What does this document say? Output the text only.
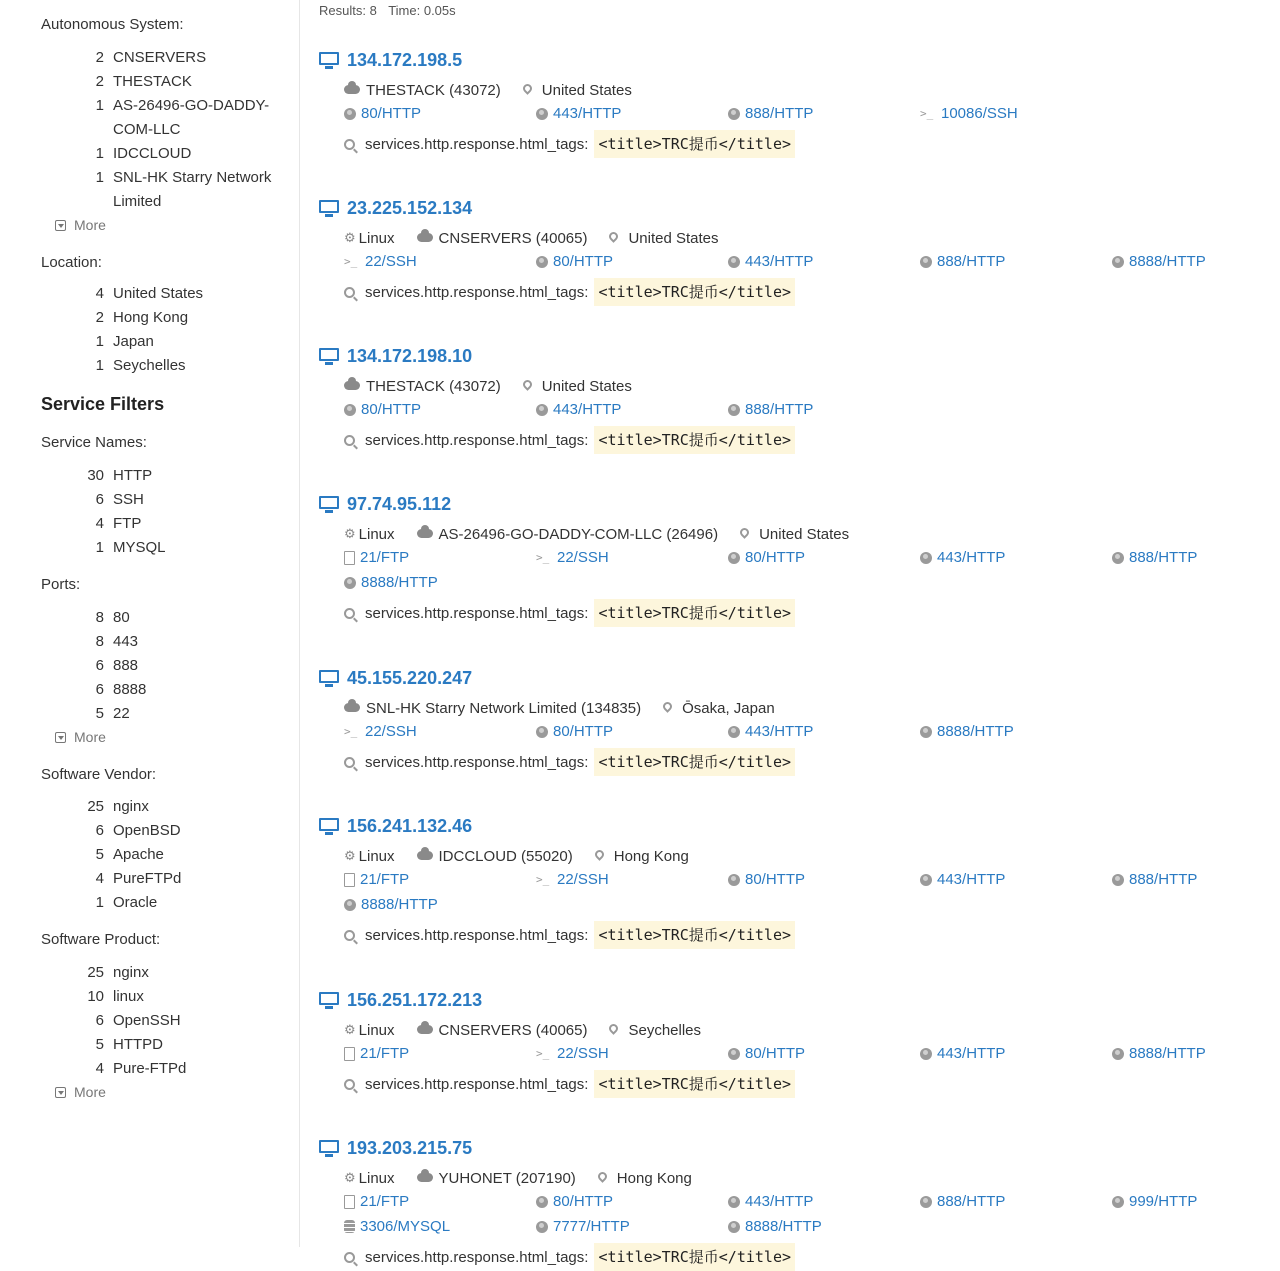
Autonomous System:
2 CNSERVERS
2 THESTACK
1 AS-26496-GO-DADDY-
COM-LLC
1 IDCCLOUD
1 SNL-HK Starry Network
Limited
More
Location:
4 United States
2 Hong Kong
1 Japan
1 Seychelles
Service Filters
Service Names:
30 HTTP
6 SSH
4 FTP
1 MYSQL
Ports:
8 80
8 443
6 888
6 8888
5 22
More
Software Vendor:
25 nginx
6 OpenBSD
5 Apache
4 PureFTPd
1 Oracle
Software Product:
25 nginx
10 linux
6 OpenSSH
5 HTTPD
4 Pure-FTPd
More
Results: 8 Time: 0.05s
134.172.198.5
THESTACK (43072)	United States
80/HTTP	443/HTTP	888/HTTP	>_ 10086/SSH
services.http.response.html_tags: <title>TRC提币</title>
23.225.152.134
⚙ Linux	CNSERVERS (40065)	United States
>_ 22/SSH	80/HTTP	443/HTTP	888/HTTP	8888/HTTP
services.http.response.html_tags: <title>TRC提币</title>
134.172.198.10
THESTACK (43072)	United States
80/HTTP	443/HTTP	888/HTTP
services.http.response.html_tags: <title>TRC提币</title>
97.74.95.112
⚙ Linux	AS-26496-GO-DADDY-COM-LLC (26496)	United States
21/FTP	>_ 22/SSH	80/HTTP	443/HTTP	888/HTTP
8888/HTTP
services.http.response.html_tags: <title>TRC提币</title>
45.155.220.247
SNL-HK Starry Network Limited (134835)	Ōsaka, Japan
>_ 22/SSH	80/HTTP	443/HTTP	8888/HTTP
services.http.response.html_tags: <title>TRC提币</title>
156.241.132.46
⚙ Linux	IDCCLOUD (55020)	Hong Kong
21/FTP	>_ 22/SSH	80/HTTP	443/HTTP	888/HTTP
8888/HTTP
services.http.response.html_tags: <title>TRC提币</title>
156.251.172.213
⚙ Linux	CNSERVERS (40065)	Seychelles
21/FTP	>_ 22/SSH	80/HTTP	443/HTTP	8888/HTTP
services.http.response.html_tags: <title>TRC提币</title>
193.203.215.75
⚙ Linux	YUHONET (207190)	Hong Kong
21/FTP	80/HTTP	443/HTTP	888/HTTP	999/HTTP
3306/MYSQL	7777/HTTP	8888/HTTP
services.http.response.html_tags: <title>TRC提币</title>
